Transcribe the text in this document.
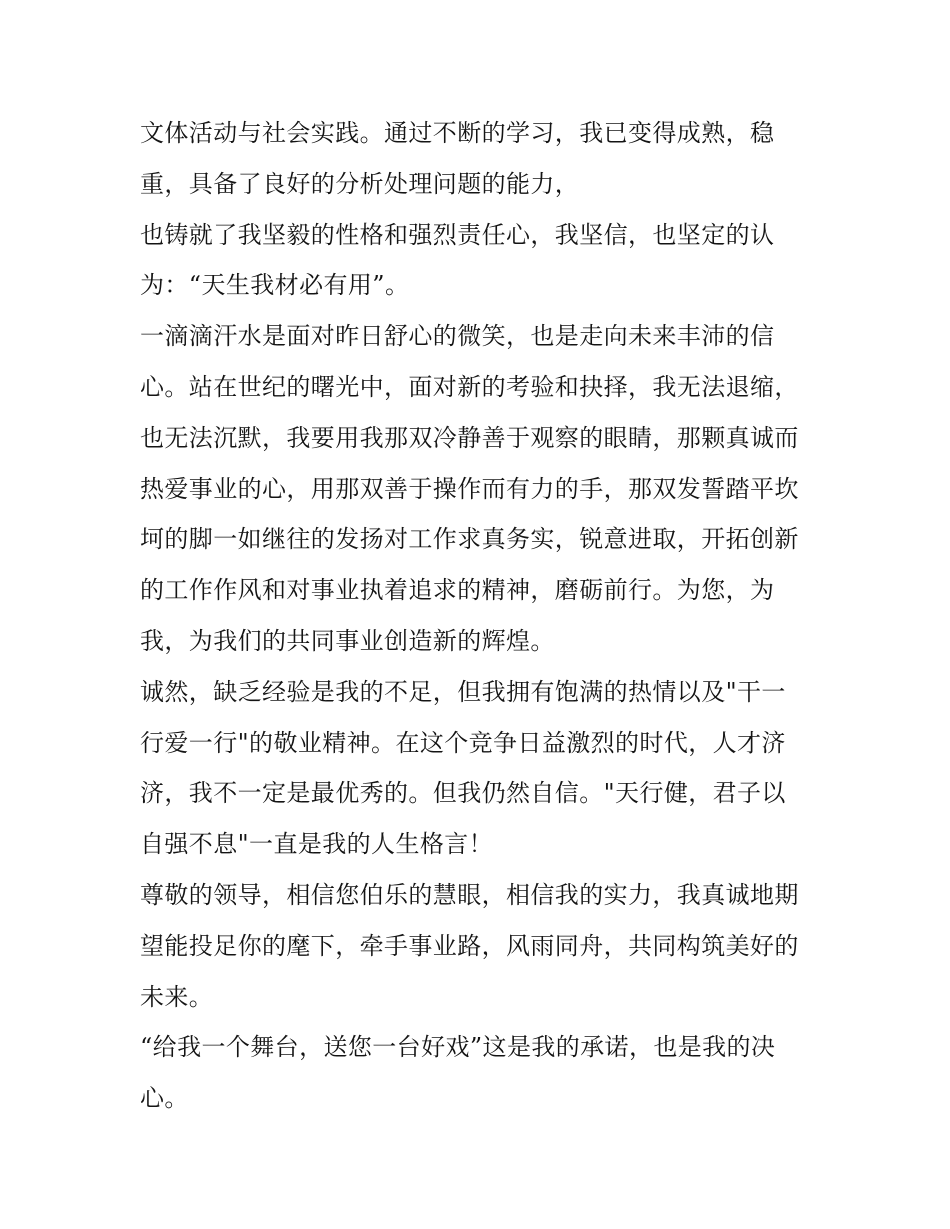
文体活动与社会实践。通过不断的学习，我已变得成熟，稳
重，具备了良好的分析处理问题的能力，
也铸就了我坚毅的性格和强烈责任心，我坚信，也坚定的认
为：“天生我材必有用”。
一滴滴汗水是面对昨日舒心的微笑，也是走向未来丰沛的信
心。站在世纪的曙光中，面对新的考验和抉择，我无法退缩，
也无法沉默，我要用我那双冷静善于观察的眼睛，那颗真诚而
热爱事业的心，用那双善于操作而有力的手，那双发誓踏平坎
坷的脚一如继往的发扬对工作求真务实，锐意进取，开拓创新
的工作作风和对事业执着追求的精神，磨砺前行。为您，为
我，为我们的共同事业创造新的辉煌。
诚然，缺乏经验是我的不足，但我拥有饱满的热情以及"干一
行爱一行"的敬业精神。在这个竞争日益激烈的时代，人才济
济，我不一定是最优秀的。但我仍然自信。"天行健，君子以
自强不息"一直是我的人生格言！
尊敬的领导，相信您伯乐的慧眼，相信我的实力，我真诚地期
望能投足你的麾下，牵手事业路，风雨同舟，共同构筑美好的
未来。
“给我一个舞台，送您一台好戏”这是我的承诺，也是我的决
心。
